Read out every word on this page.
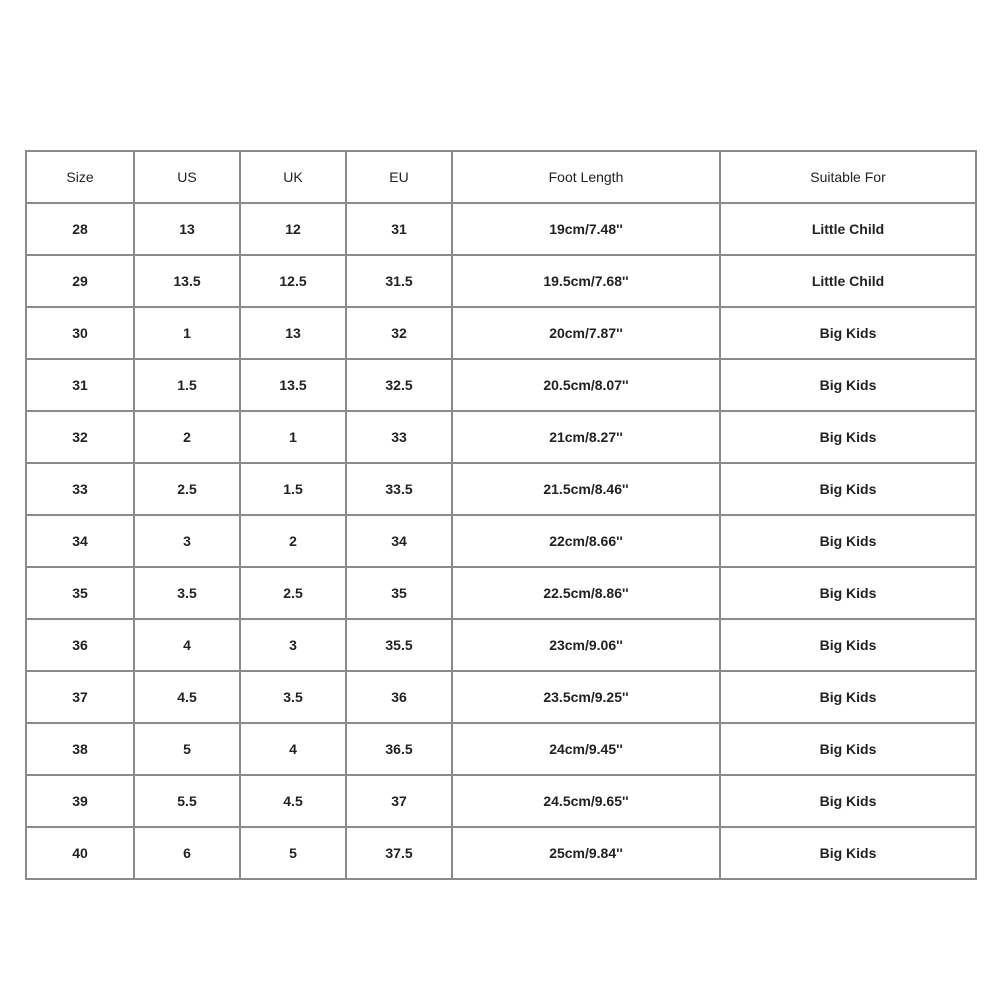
Size	US	UK	EU	Foot Length	Suitable For
28	13	12	31	19cm/7.48''	Little Child
29	13.5	12.5	31.5	19.5cm/7.68''	Little Child
30	1	13	32	20cm/7.87''	Big Kids
31	1.5	13.5	32.5	20.5cm/8.07''	Big Kids
32	2	1	33	21cm/8.27''	Big Kids
33	2.5	1.5	33.5	21.5cm/8.46''	Big Kids
34	3	2	34	22cm/8.66''	Big Kids
35	3.5	2.5	35	22.5cm/8.86''	Big Kids
36	4	3	35.5	23cm/9.06''	Big Kids
37	4.5	3.5	36	23.5cm/9.25''	Big Kids
38	5	4	36.5	24cm/9.45''	Big Kids
39	5.5	4.5	37	24.5cm/9.65''	Big Kids
40	6	5	37.5	25cm/9.84''	Big Kids
